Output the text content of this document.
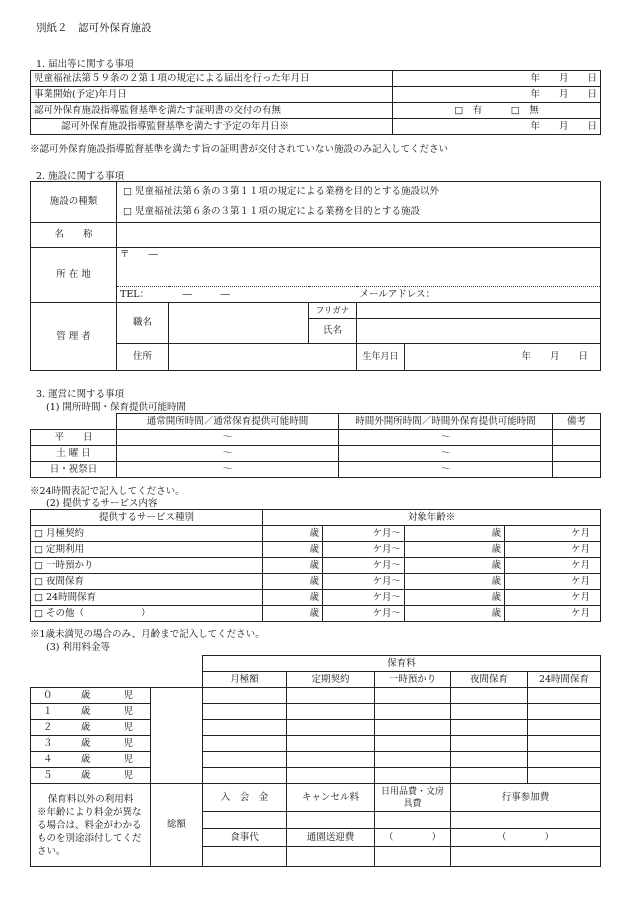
別紙２　認可外保育施設
1. 届出等に関する事項
児童福祉法第５９条の２第１項の規定による届出を行った年月日	年　　月　　日
事業開始(予定)年月日	年　　月　　日
認可外保育施設指導監督基準を満たす証明書の交付の有無	□　有　　　□　無
認可外保育施設指導監督基準を満たす予定の年月日※	年　　月　　日
※認可外保育施設指導監督基準を満たす旨の証明書が交付されていない施設のみ記入してください
2. 施設に関する事項
施設の種類	□ 児童福祉法第６条の３第１１項の規定による業務を目的とする施設以外				
	□ 児童福祉法第６条の３第１１項の規定による業務を目的とする施設				
名　　称					
所 在 地	〒　　―				
	TEL：　　　　―　　　―			メールアドレス：	
管 理 者	職名		フリガナ		
			氏名		
	住所			生年月日	年　　月　　日
3. 運営に関する事項
(1) 開所時間・保育提供可能時間
	通常開所時間／通常保育提供可能時間	時間外開所時間／時間外保育提供可能時間	備考
平　　日	～	～	
土 曜 日	～	～	
日・祝祭日	～	～	
※24時間表記で記入してください。
(2) 提供するサービス内容
提供するサービス種別	対象年齢※			
□ 月極契約	歳	ケ月～	歳	ケ月
□ 定期利用	歳	ケ月～	歳	ケ月
□ 一時預かり	歳	ケ月～	歳	ケ月
□ 夜間保育	歳	ケ月～	歳	ケ月
□ 24時間保育	歳	ケ月～	歳	ケ月
□ その他（　　　　　　）	歳	ケ月～	歳	ケ月
※1歳未満児の場合のみ、月齢まで記入してください。
(3) 利用料金等
				保育料				
				月極額	定期契約	一時預かり	夜間保育	24時間保育
０	歳	児						
１	歳	児						
２	歳	児						
３	歳	児						
４	歳	児						
５	歳	児						

保育料以外の利用料
※年齢により料金が異なる場合は、料金がわかるものを別途添付してください。			総額	入　会　金	キャンセル料	日用品費・文房具費	行事参加費	

				食事代	通園送迎費	（　　　　）	（　　　　）	
